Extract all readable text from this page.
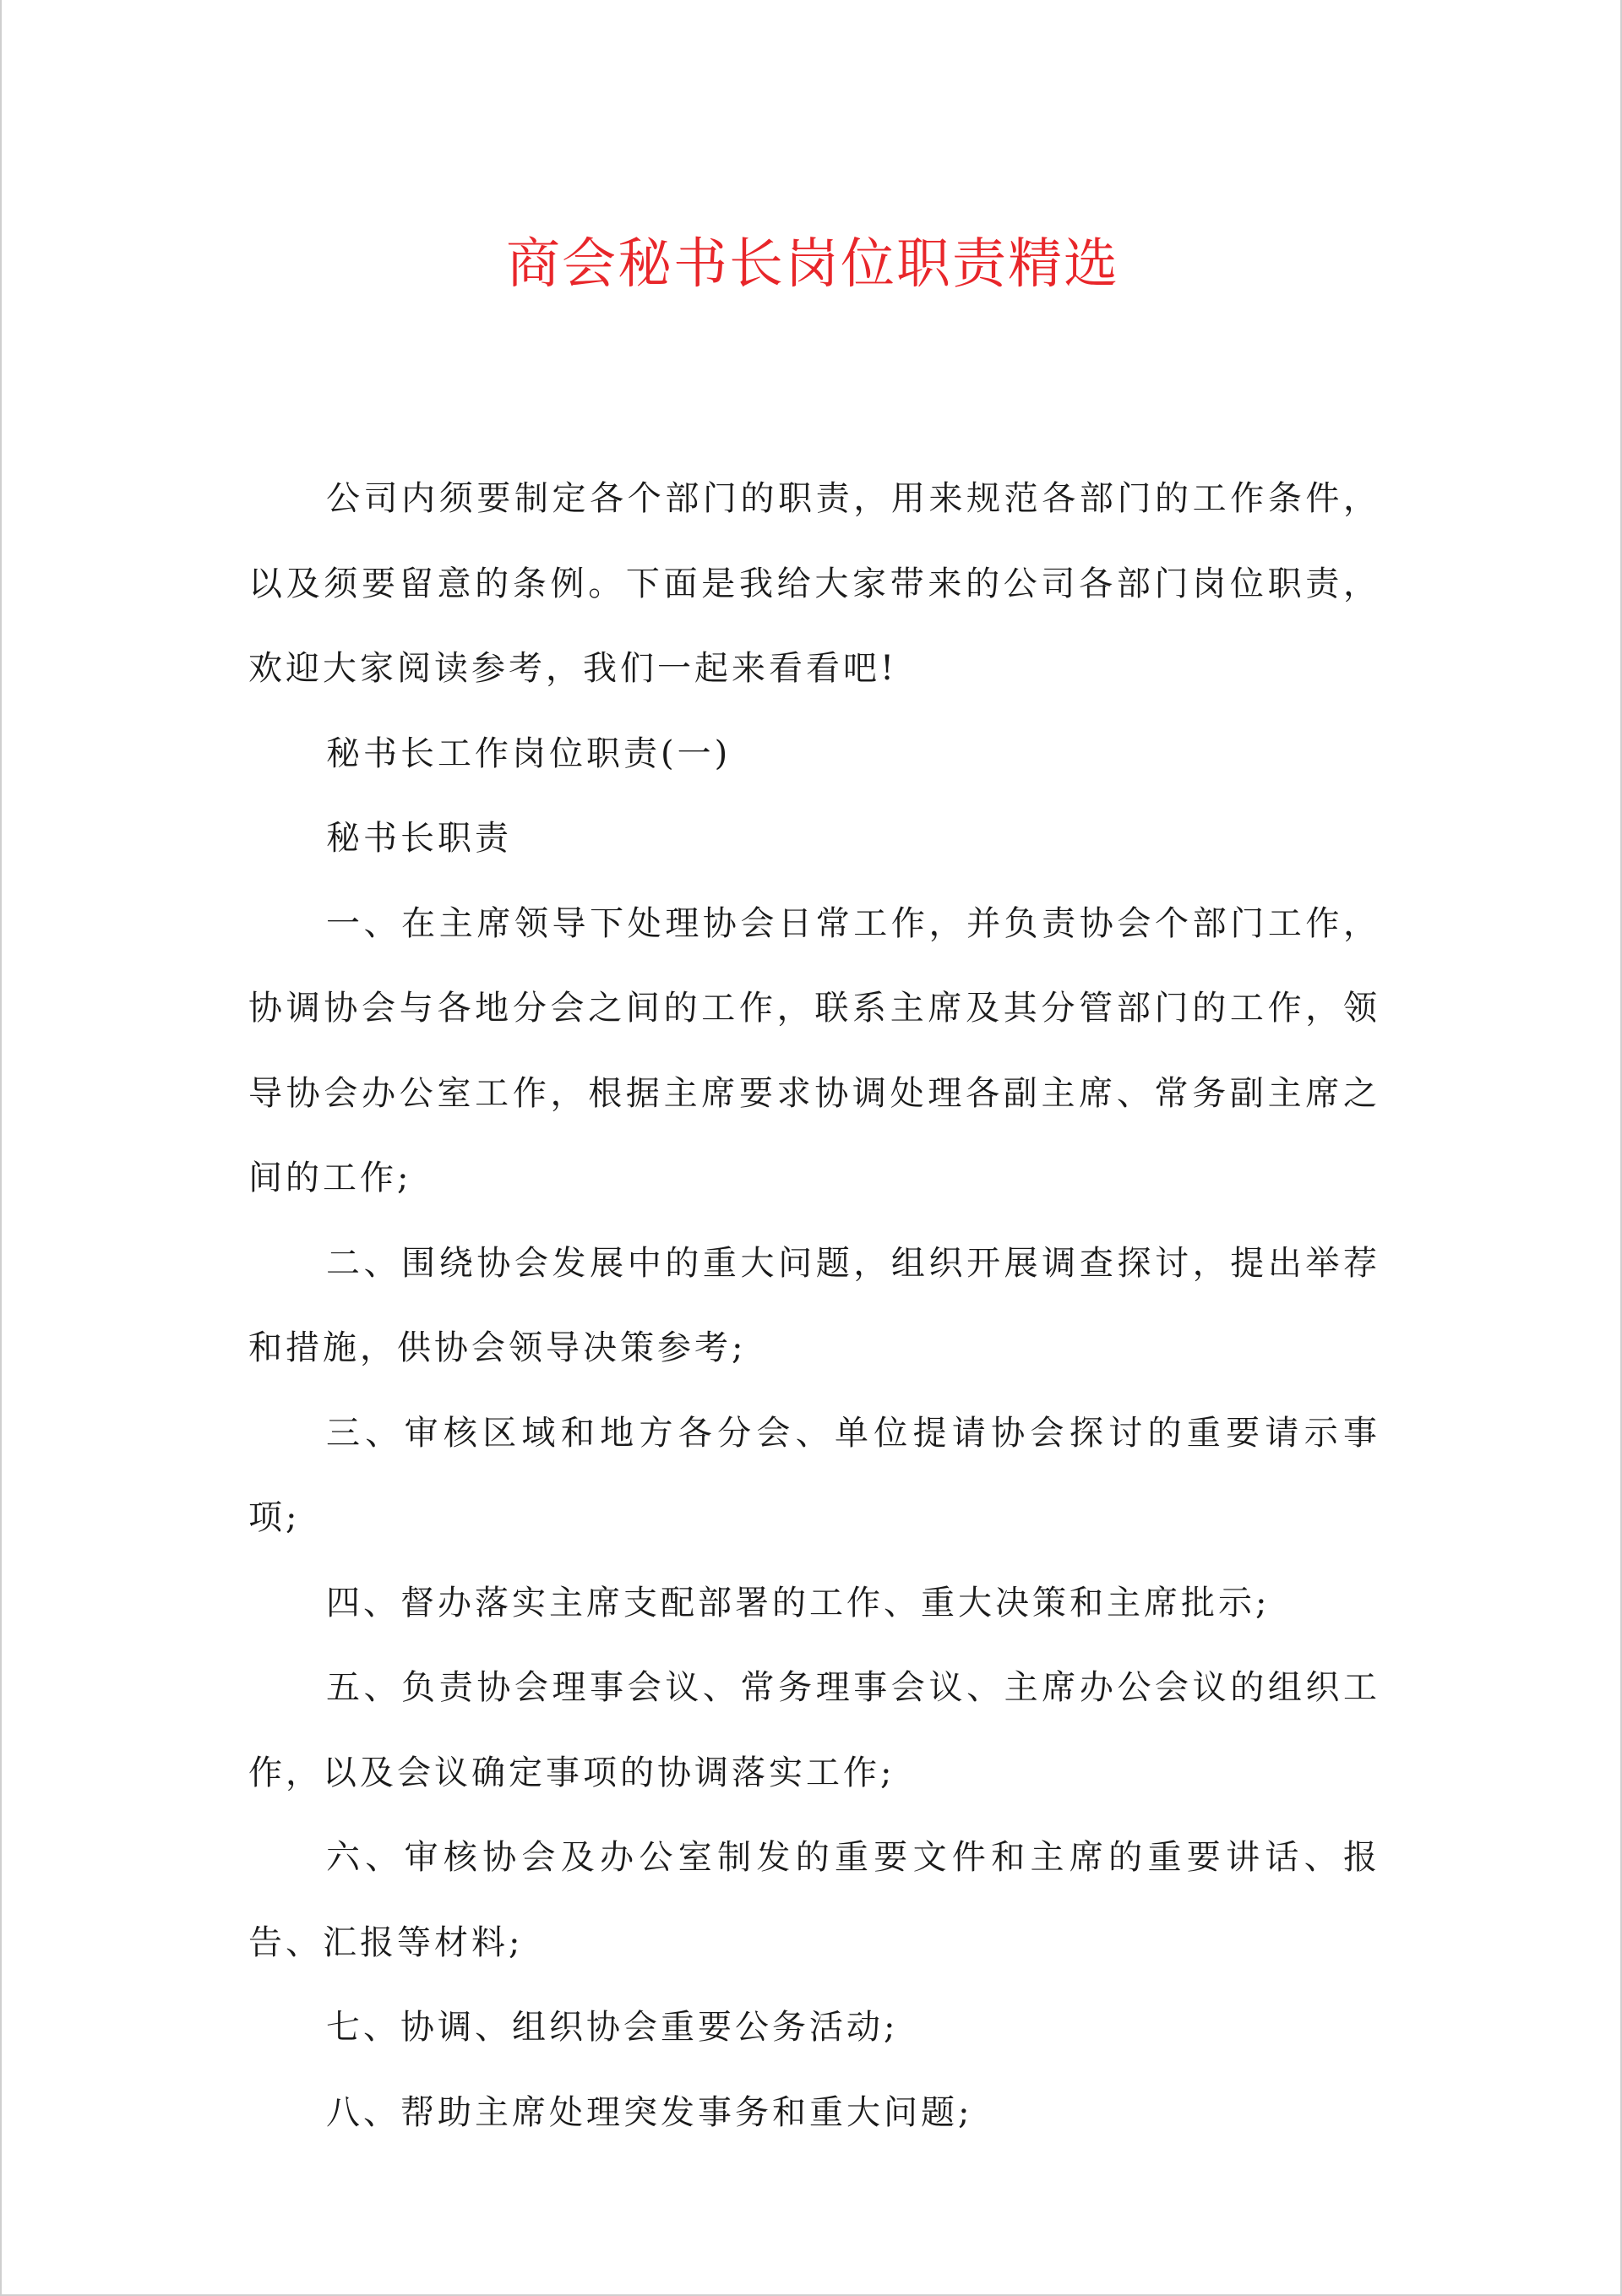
商会秘书长岗位职责精选

公司内须要制定各个部门的职责，用来规范各部门的工作条件，以及须要留意的条例。下面是我给大家带来的公司各部门岗位职责，欢迎大家阅读参考，我们一起来看看吧!

秘书长工作岗位职责(一)

秘书长职责

一、在主席领导下处理协会日常工作，并负责协会个部门工作，协调协会与各地分会之间的工作，联系主席及其分管部门的工作，领导协会办公室工作，根据主席要求协调处理各副主席、常务副主席之间的工作;

二、围绕协会发展中的重大问题，组织开展调查探讨，提出举荐和措施，供协会领导决策参考;

三、审核区域和地方各分会、单位提请协会探讨的重要请示事项;

四、督办落实主席支配部署的工作、重大决策和主席批示;

五、负责协会理事会议、常务理事会议、主席办公会议的组织工作，以及会议确定事项的协调落实工作;

六、审核协会及办公室制发的重要文件和主席的重要讲话、报告、汇报等材料;

七、协调、组织协会重要公务活动;

八、帮助主席处理突发事务和重大问题;
